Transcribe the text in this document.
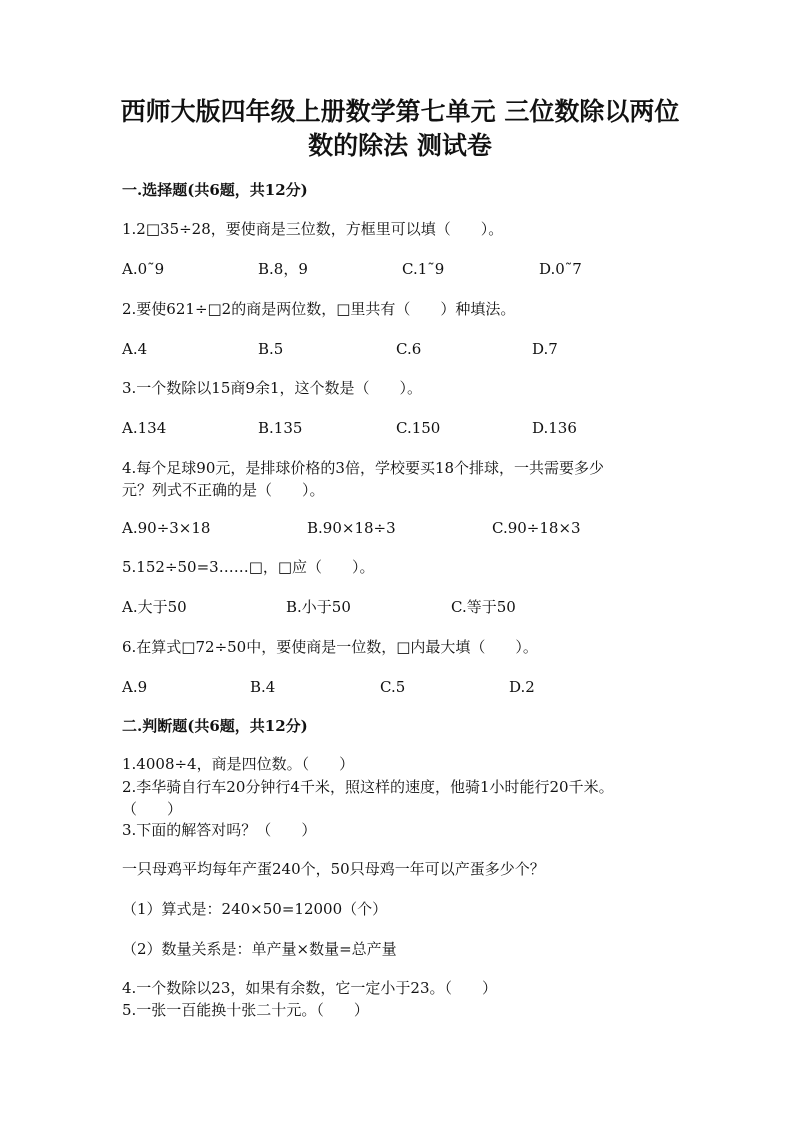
西师大版四年级上册数学第七单元 三位数除以两位
数的除法 测试卷
一.选择题(共6题，共12分)
1.2□35÷28，要使商是三位数，方框里可以填（　　）。
A.0˜9	B.8，9	C.1˜9	D.0˜7
2.要使621÷□2的商是两位数，□里共有（　　）种填法。
A.4	B.5	C.6	D.7
3.一个数除以15商9余1，这个数是（　　）。
A.134	B.135	C.150	D.136
4.每个足球90元，是排球价格的3倍，学校要买18个排球，一共需要多少
元？列式不正确的是（　　）。
A.90÷3×18	B.90×18÷3	C.90÷18×3
5.152÷50=3……□，□应（　　）。
A.大于50	B.小于50	C.等于50
6.在算式□72÷50中，要使商是一位数，□内最大填（　　）。
A.9	B.4	C.5	D.2
二.判断题(共6题，共12分)
1.4008÷4，商是四位数。（　　）
2.李华骑自行车20分钟行4千米，照这样的速度，他骑1小时能行20千米。
（　　）
3.下面的解答对吗？（　　）
一只母鸡平均每年产蛋240个，50只母鸡一年可以产蛋多少个？
（1）算式是：240×50=12000（个）
（2）数量关系是：单产量×数量=总产量
4.一个数除以23，如果有余数，它一定小于23。（　　）
5.一张一百能换十张二十元。（　　）
